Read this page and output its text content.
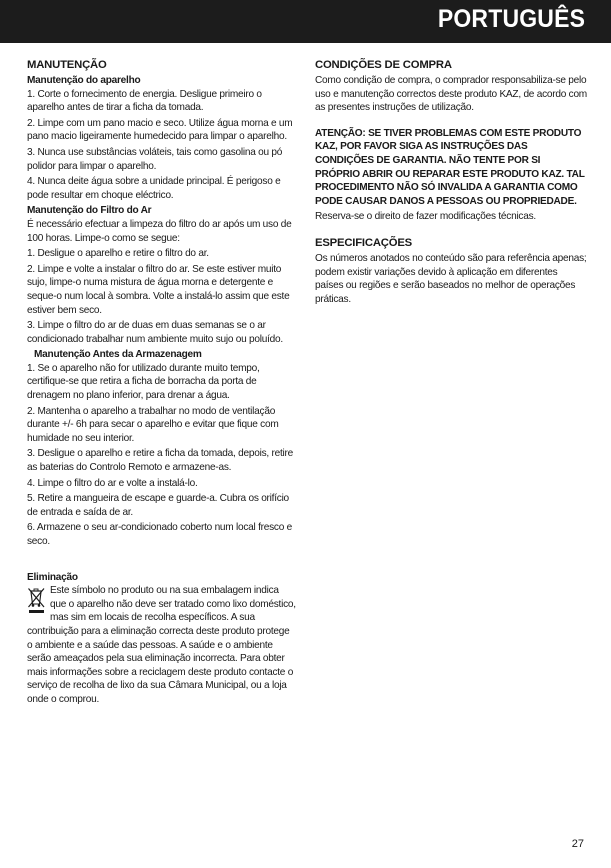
PORTUGUÊS
MANUTENÇÃO
Manutenção do aparelho

1. Corte o fornecimento de energia. Desligue primeiro o aparelho antes de tirar a ficha da tomada.

2. Limpe com um pano macio e seco. Utilize água morna e um pano macio ligeiramente humedecido para limpar o aparelho.

3. Nunca use substâncias voláteis, tais como gasolina ou pó polidor para limpar o aparelho.

4. Nunca deite água sobre a unidade principal. É perigoso e pode resultar em choque eléctrico.

Manutenção do Filtro do Ar

É necessário efectuar a limpeza do filtro do ar após um uso de 100 horas. Limpe-o como se segue:

1. Desligue o aparelho e retire o filtro do ar.

2. Limpe e volte a instalar o filtro do ar. Se este estiver muito sujo, limpe-o numa mistura de água morna e detergente e seque-o num local à sombra. Volte a instalá-lo assim que este estiver bem seco.

3. Limpe o filtro do ar de duas em duas semanas se o ar condicionado trabalhar num ambiente muito sujo ou poluído.

Manutenção Antes da Armazenagem

1. Se o aparelho não for utilizado durante muito tempo, certifique-se que retira a ficha de borracha da porta de drenagem no plano inferior, para drenar a água.

2. Mantenha o aparelho a trabalhar no modo de ventilação durante +/- 6h para secar o aparelho e evitar que fique com humidade no seu interior.

3. Desligue o aparelho e retire a ficha da tomada, depois, retire as baterias do Controlo Remoto e armazene-as.

4. Limpe o filtro do ar e volte a instalá-lo.

5. Retire a mangueira de escape e guarde-a. Cubra os orifício de entrada e saída de ar.

6. Armazene o seu ar-condicionado coberto num local fresco e seco.

Eliminação
Este símbolo no produto ou na sua embalagem indica que o aparelho não deve ser tratado como lixo doméstico, mas sim em locais de recolha específicos. A sua contribuição para a eliminação correcta deste produto protege o ambiente e a saúde das pessoas. A saúde e o ambiente serão ameaçados pela sua eliminação incorrecta. Para obter mais informações sobre a reciclagem deste produto contacte o serviço de recolha de lixo da sua Câmara Municipal, ou a loja onde o comprou.
CONDIÇÕES DE COMPRA

Como condição de compra, o comprador responsabiliza-se pelo uso e manutenção correctos deste produto KAZ, de acordo com as presentes instruções de utilização.

ATENÇÃO: SE TIVER PROBLEMAS COM ESTE PRODUTO KAZ, POR FAVOR SIGA AS INSTRUÇÕES DAS CONDIÇÕES DE GARANTIA. NÃO TENTE POR SI PRÓPRIO ABRIR OU REPARAR ESTE PRODUTO KAZ. TAL PROCEDIMENTO NÃO SÓ INVALIDA A GARANTIA COMO PODE CAUSAR DANOS A PESSOAS OU PROPRIEDADE.

Reserva-se o direito de fazer modificações técnicas.

ESPECIFICAÇÕES

Os números anotados no conteúdo são para referência apenas; podem existir variações devido à aplicação em diferentes países ou regiões e serão baseados no melhor de operações práticas.

27
